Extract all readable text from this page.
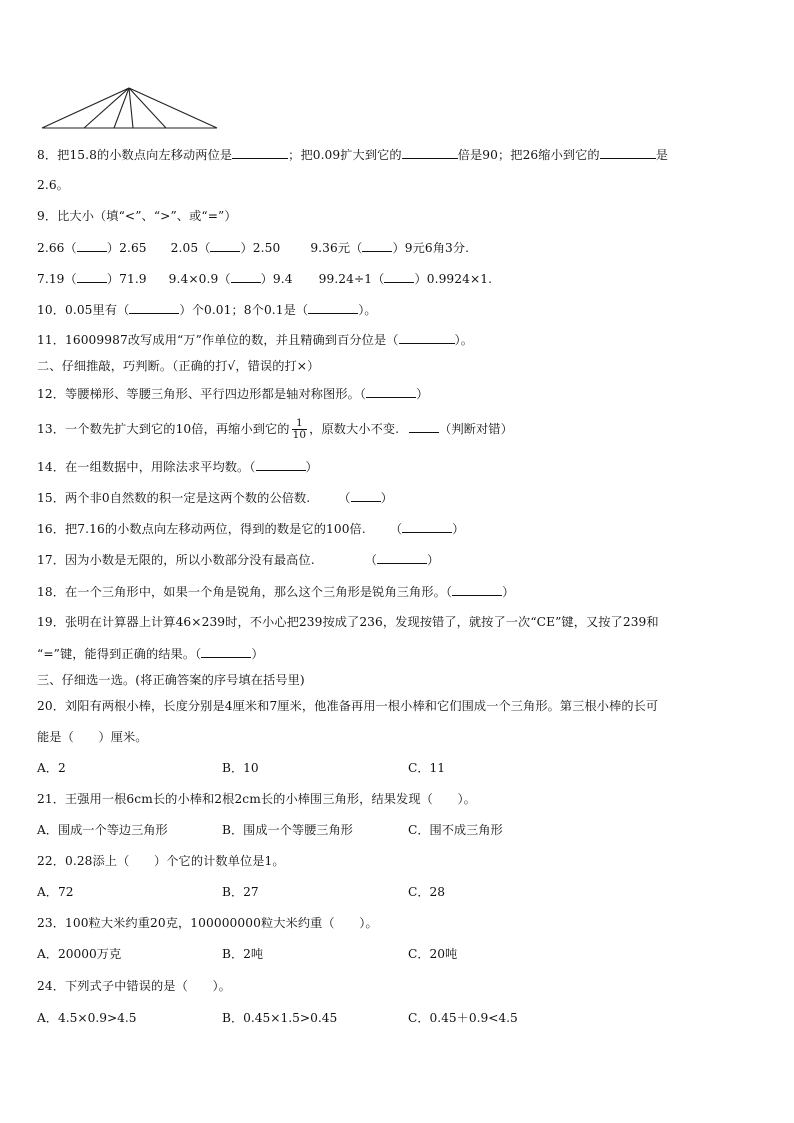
8．把15.8的小数点向左移动两位是	；把0.09扩大到它的	倍是90；把26缩小到它的	是
2.6。
9．比大小（填“<”、“>”、或“=”）
2.66（ ）2.65 2.05（ ）2.50 9.36元（ ）9元6角3分.
7.19（ ）71.9 9.4×0.9（ ）9.4 99.24÷1（ ）0.9924×1.
10．0.05里有（	）个0.01；8个0.1是（	）。
11．16009987改写成用“万”作单位的数，并且精确到百分位是（	）。
二、仔细推敲，巧判断。（正确的打√，错误的打×）
12．等腰梯形、等腰三角形、平行四边形都是轴对称图形。（	）
13．一个数先扩大到它的10倍，再缩小到它的 $\frac{1}{10}$ ，原数大小不变.	（判断对错）
14．在一组数据中，用除法求平均数。（	）
15．两个非0自然数的积一定是这两个数的公倍数. （ ）
16．把7.16的小数点向左移动两位，得到的数是它的100倍. （	）
17．因为小数是无限的，所以小数部分没有最高位.	（	）
18．在一个三角形中，如果一个角是锐角，那么这个三角形是锐角三角形。（	）
19．张明在计算器上计算46×239时，不小心把239按成了236，发现按错了，就按了一次“CE”键，又按了239和
“=”键，能得到正确的结果。（	）
三、仔细选一选。(将正确答案的序号填在括号里)
20．刘阳有两根小棒，长度分别是4厘米和7厘米，他准备再用一根小棒和它们围成一个三角形。第三根小棒的长可
能是（　　）厘米。
A．2	B．10	C．11
21．王强用一根6cm长的小棒和2根2cm长的小棒围三角形，结果发现（　　）。
A．围成一个等边三角形	B．围成一个等腰三角形	C．围不成三角形
22．0.28添上（　　）个它的计数单位是1。
A．72	B．27	C．28
23．100粒大米约重20克，100000000粒大米约重（　　）。
A．20000万克	B．2吨	C．20吨
24．下列式子中错误的是（　　）。
A．4.5×0.9>4.5	B．0.45×1.5>0.45	C．0.45＋0.9<4.5
